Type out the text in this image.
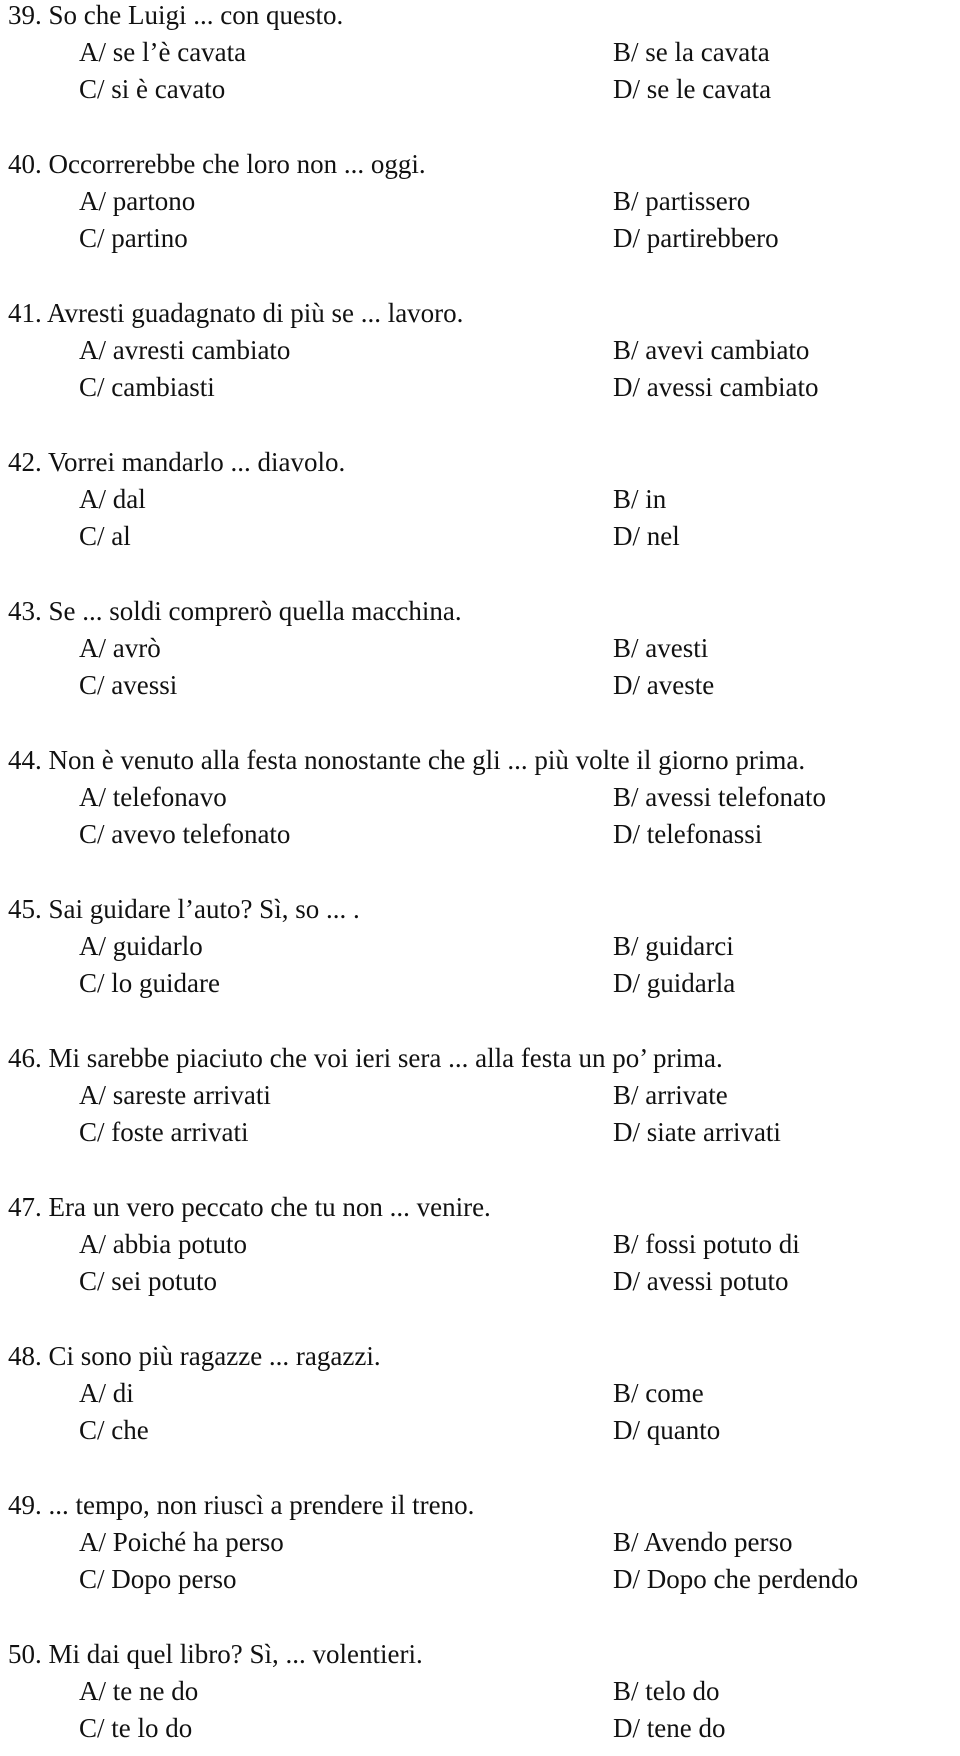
39. So che Luigi ... con questo.
A/ se l’è cavata	B/ se la cavata
C/ si è cavato	D/ se le cavata
40. Occorrerebbe che loro non ... oggi.
A/ partono	B/ partissero
C/ partino	D/ partirebbero
41. Avresti guadagnato di più se ... lavoro.
A/ avresti cambiato	B/ avevi cambiato
C/ cambiasti	D/ avessi cambiato
42. Vorrei mandarlo ... diavolo.
A/ dal	B/ in
C/ al	D/ nel
43. Se ... soldi comprerò quella macchina.
A/ avrò	B/ avesti
C/ avessi	D/ aveste
44. Non è venuto alla festa nonostante che gli ... più volte il giorno prima.
A/ telefonavo	B/ avessi telefonato
C/ avevo telefonato	D/ telefonassi
45. Sai guidare l’auto? Sì, so ... .
A/ guidarlo	B/ guidarci
C/ lo guidare	D/ guidarla
46. Mi sarebbe piaciuto che voi ieri sera ... alla festa un po’ prima.
A/ sareste arrivati	B/ arrivate
C/ foste arrivati	D/ siate arrivati
47. Era un vero peccato che tu non ... venire.
A/ abbia potuto	B/ fossi potuto di
C/ sei potuto	D/ avessi potuto
48. Ci sono più ragazze ... ragazzi.
A/ di	B/ come
C/ che	D/ quanto
49. ... tempo, non riuscì a prendere il treno.
A/ Poiché ha perso	B/ Avendo perso
C/ Dopo perso	D/ Dopo che perdendo
50. Mi dai quel libro? Sì, ... volentieri.
A/ te ne do	B/ telo do
C/ te lo do	D/ tene do
